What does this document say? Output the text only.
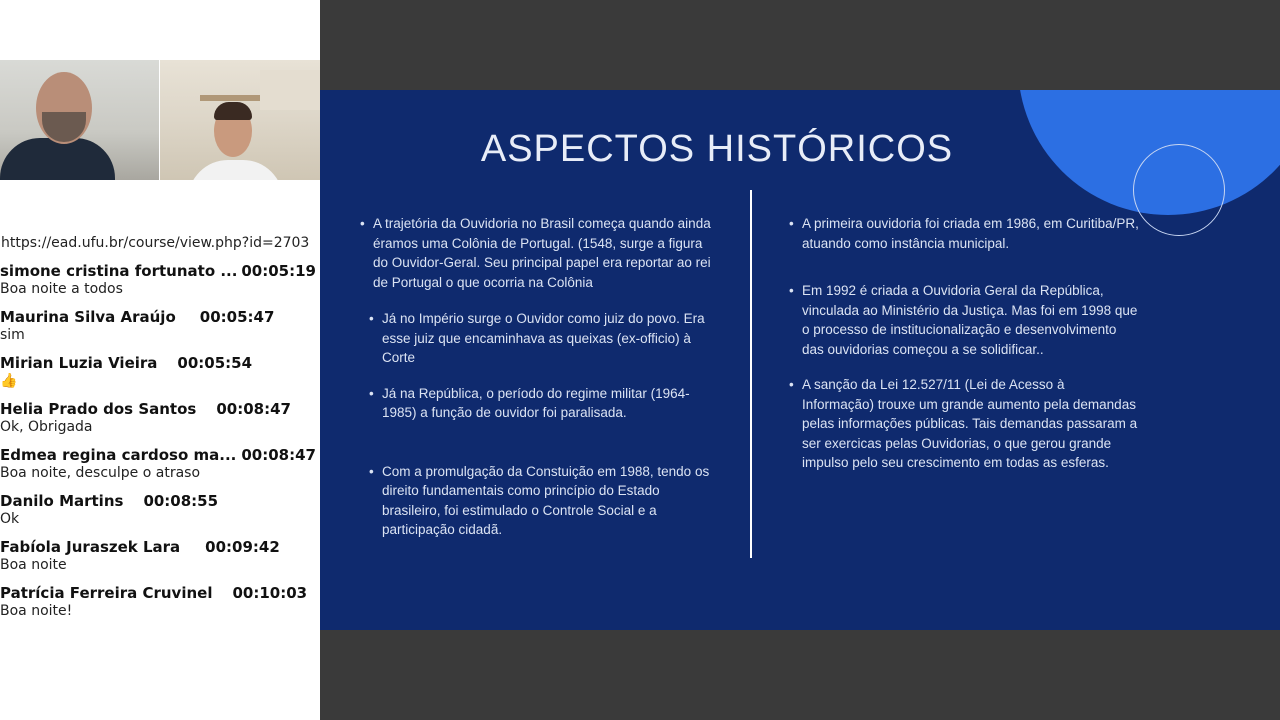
https://ead.ufu.br/course/view.php?id=2703
simone cristina fortunato ... 00:05:19
Boa noite a todos
Maurina Silva Araújo 00:05:47
sim
Mirian Luzia Vieira 00:05:54
👍
Helia Prado dos Santos 00:08:47
Ok, Obrigada
Edmea regina cardoso ma... 00:08:47
Boa noite, desculpe o atraso
Danilo Martins 00:08:55
Ok
Fabíola Juraszek Lara 00:09:42
Boa noite
Patrícia Ferreira Cruvinel 00:10:03
Boa noite!
ASPECTOS HISTÓRICOS
• A trajetória da Ouvidoria no Brasil começa quando ainda éramos uma Colônia de Portugal. (1548, surge a figura do Ouvidor-Geral. Seu principal papel era reportar ao rei de Portugal o que ocorria na Colônia
• Já no Império surge o Ouvidor como juiz do povo. Era esse juiz que encaminhava as queixas (ex-officio) à Corte
• Já na República, o período do regime militar (1964-1985) a função de ouvidor foi paralisada.
• Com a promulgação da Constuição em 1988, tendo os direito fundamentais como princípio do Estado brasileiro, foi estimulado o Controle Social e a participação cidadã.
• A primeira ouvidoria foi criada em 1986, em Curitiba/PR, atuando como instância municipal.
• Em 1992 é criada a Ouvidoria Geral da República, vinculada ao Ministério da Justiça. Mas foi em 1998 que o processo de institucionalização e desenvolvimento das ouvidorias começou a se solidificar..
• A sanção da Lei 12.527/11 (Lei de Acesso à Informação) trouxe um grande aumento pela demandas pelas informações públicas. Tais demandas passaram a ser exercicas pelas Ouvidorias, o que gerou grande impulso pelo seu crescimento em todas as esferas.
